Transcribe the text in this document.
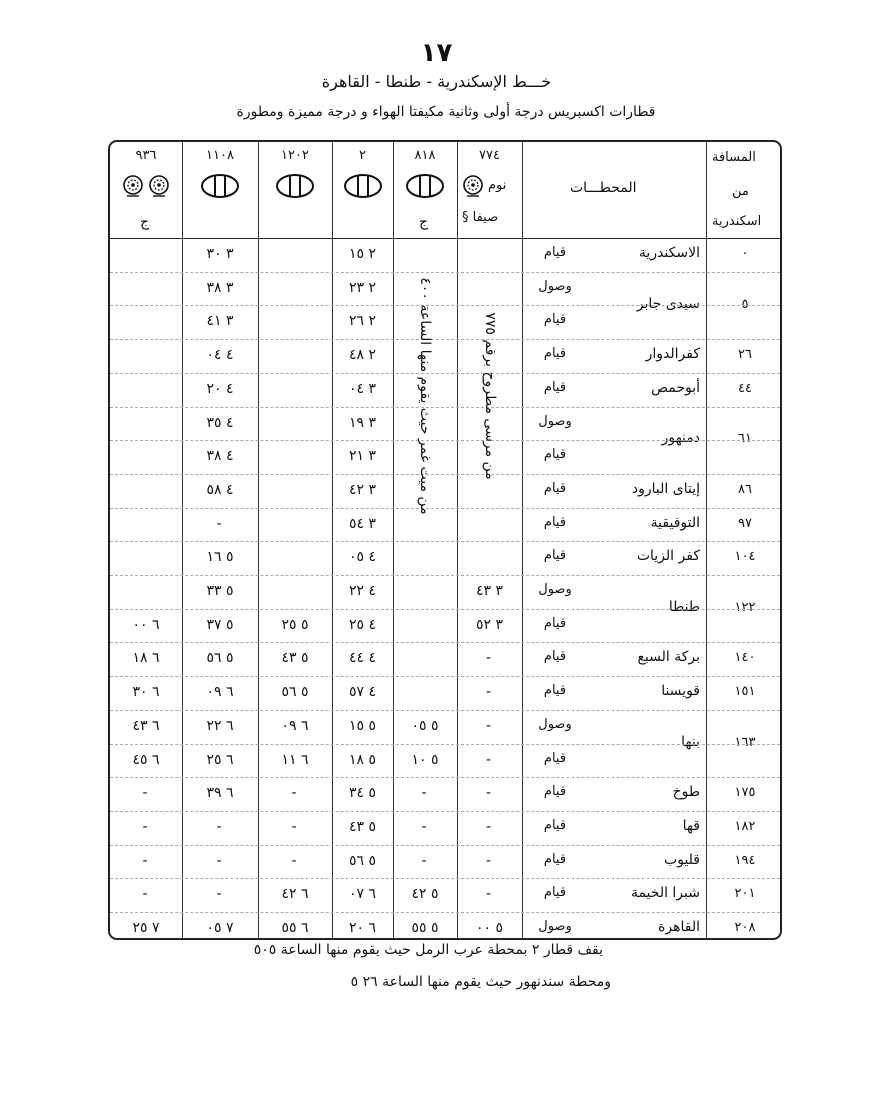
١٧
خـــط الإسكندرية - طنطا - القاهرة
قطارات اكسبريس درجة أولى وثانية مكيفتا الهواء و درجة مميزة ومطورة
المسافة
من
اسكندرية
المحطـــات
٧٧٤
٨١٨
٢
١٢٠٢
١١٠٨
٩٣٦
نوم
صيفا §
ج
ج
٠
الاسكندرية
قيام
٢ ١٥
٣ ٣٠
٥
سيدى جابر
وصول
٢ ٢٣
٣ ٣٨
قيام
٢ ٢٦
٣ ٤١
٢٦
كفرالدوار
قيام
٢ ٤٨
٤ ٠٤
٤٤
أبوحمص
قيام
٣ ٠٤
٤ ٢٠
٦١
دمنهور
وصول
٣ ١٩
٤ ٣٥
قيام
٣ ٢١
٤ ٣٨
٨٦
إيتاى البارود
قيام
٣ ٤٢
٤ ٥٨
٩٧
التوفيقية
قيام
٣ ٥٤
-
١٠٤
كفر الزيات
قيام
٤ ٠٥
٥ ١٦
١٢٢
طنطا
وصول
٣ ٤٣
٤ ٢٢
٥ ٣٣
قيام
٣ ٥٢
٤ ٢٥
٥ ٢٥
٥ ٣٧
٦ ٠٠
١٤٠
بركة السبع
قيام
-
٤ ٤٤
٥ ٤٣
٥ ٥٦
٦ ١٨
١٥١
قويسنا
قيام
-
٤ ٥٧
٥ ٥٦
٦ ٠٩
٦ ٣٠
١٦٣
بنها
وصول
-
٥ ٠٥
٥ ١٥
٦ ٠٩
٦ ٢٢
٦ ٤٣
قيام
-
٥ ١٠
٥ ١٨
٦ ١١
٦ ٢٥
٦ ٤٥
١٧٥
طوخ
قيام
-
-
٥ ٣٤
-
٦ ٣٩
-
١٨٢
قها
قيام
-
-
٥ ٤٣
-
-
-
١٩٤
قليوب
قيام
-
-
٥ ٥٦
-
-
-
٢٠١
شبرا الخيمة
قيام
-
٥ ٤٢
٦ ٠٧
٦ ٤٢
-
-
٢٠٨
القاهرة
وصول
٥ ٠٠
٥ ٥٥
٦ ٢٠
٦ ٥٥
٧ ٠٥
٧ ٢٥
من مرسى مطروح برقم ٧٧٥
من ميت غمر حيث يقوم منها الساعة ٤٠٠
يقف قطار ٢ بمحطة عرب الرمل حيث يقوم منها الساعة ٥٠٥
ومحطة سندنهور حيث يقوم منها الساعة ٢٦ ٥
